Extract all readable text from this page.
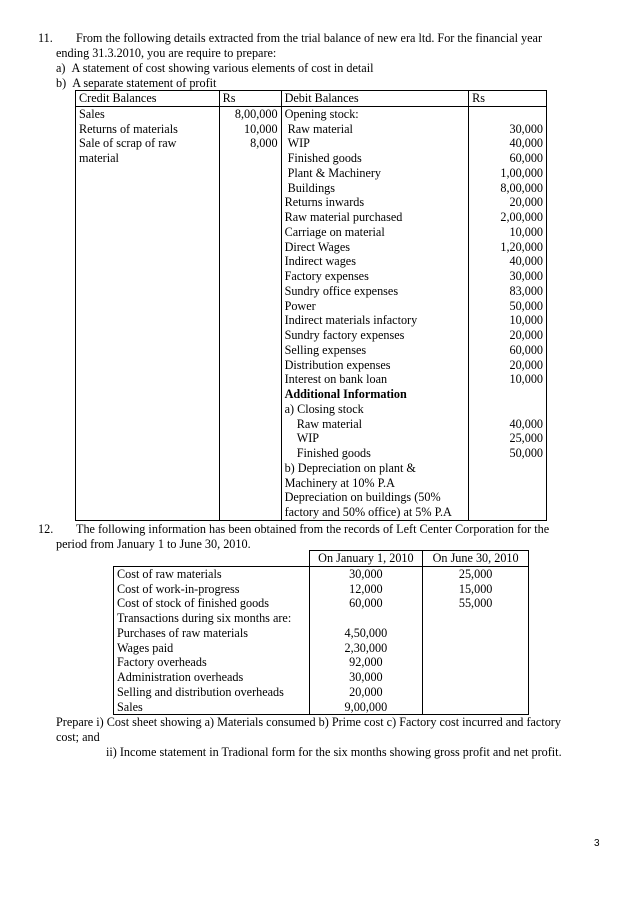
11. From the following details extracted from the trial balance of new era ltd. For the financial year
ending 31.3.2010, you are require to prepare:
a)  A statement of cost showing various elements of cost in detail
b)  A separate statement of profit
Credit Balances	Rs	Debit Balances	Rs
Sales	8,00,000	Opening stock:	
Returns of materials	10,000	Raw material	30,000
Sale of scrap of raw	8,000	WIP	40,000
material		Finished goods	60,000
		Plant & Machinery	1,00,000
		Buildings	8,00,000
		Returns inwards	20,000
		Raw material purchased	2,00,000
		Carriage on material	10,000
		Direct Wages	1,20,000
		Indirect wages	40,000
		Factory expenses	30,000
		Sundry office expenses	83,000
		Power	50,000
		Indirect materials infactory	10,000
		Sundry factory expenses	20,000
		Selling expenses	60,000
		Distribution expenses	20,000
		Interest on bank loan	10,000
		Additional Information	
		a) Closing stock	
		Raw material	40,000
		WIP	25,000
		Finished goods	50,000
		b) Depreciation on plant &	
		Machinery at 10% P.A	
		Depreciation on buildings (50%	
		factory and 50% office) at 5% P.A	
12. The following information has been obtained from the records of Left Center Corporation for the
period from January 1 to June 30, 2010.
	On January 1, 2010	On June 30, 2010
Cost of raw materials	30,000	25,000
Cost of work-in-progress	12,000	15,000
Cost of stock of finished goods	60,000	55,000
Transactions during six months are:		
Purchases of raw materials	4,50,000	
Wages paid	2,30,000	
Factory overheads	92,000	
Administration overheads	30,000	
Selling and distribution overheads	20,000	
Sales	9,00,000	
Prepare i) Cost sheet showing a) Materials consumed b) Prime cost c) Factory cost incurred and factory
cost; and
ii) Income statement in Tradional form for the six months showing gross profit and net profit.
3
